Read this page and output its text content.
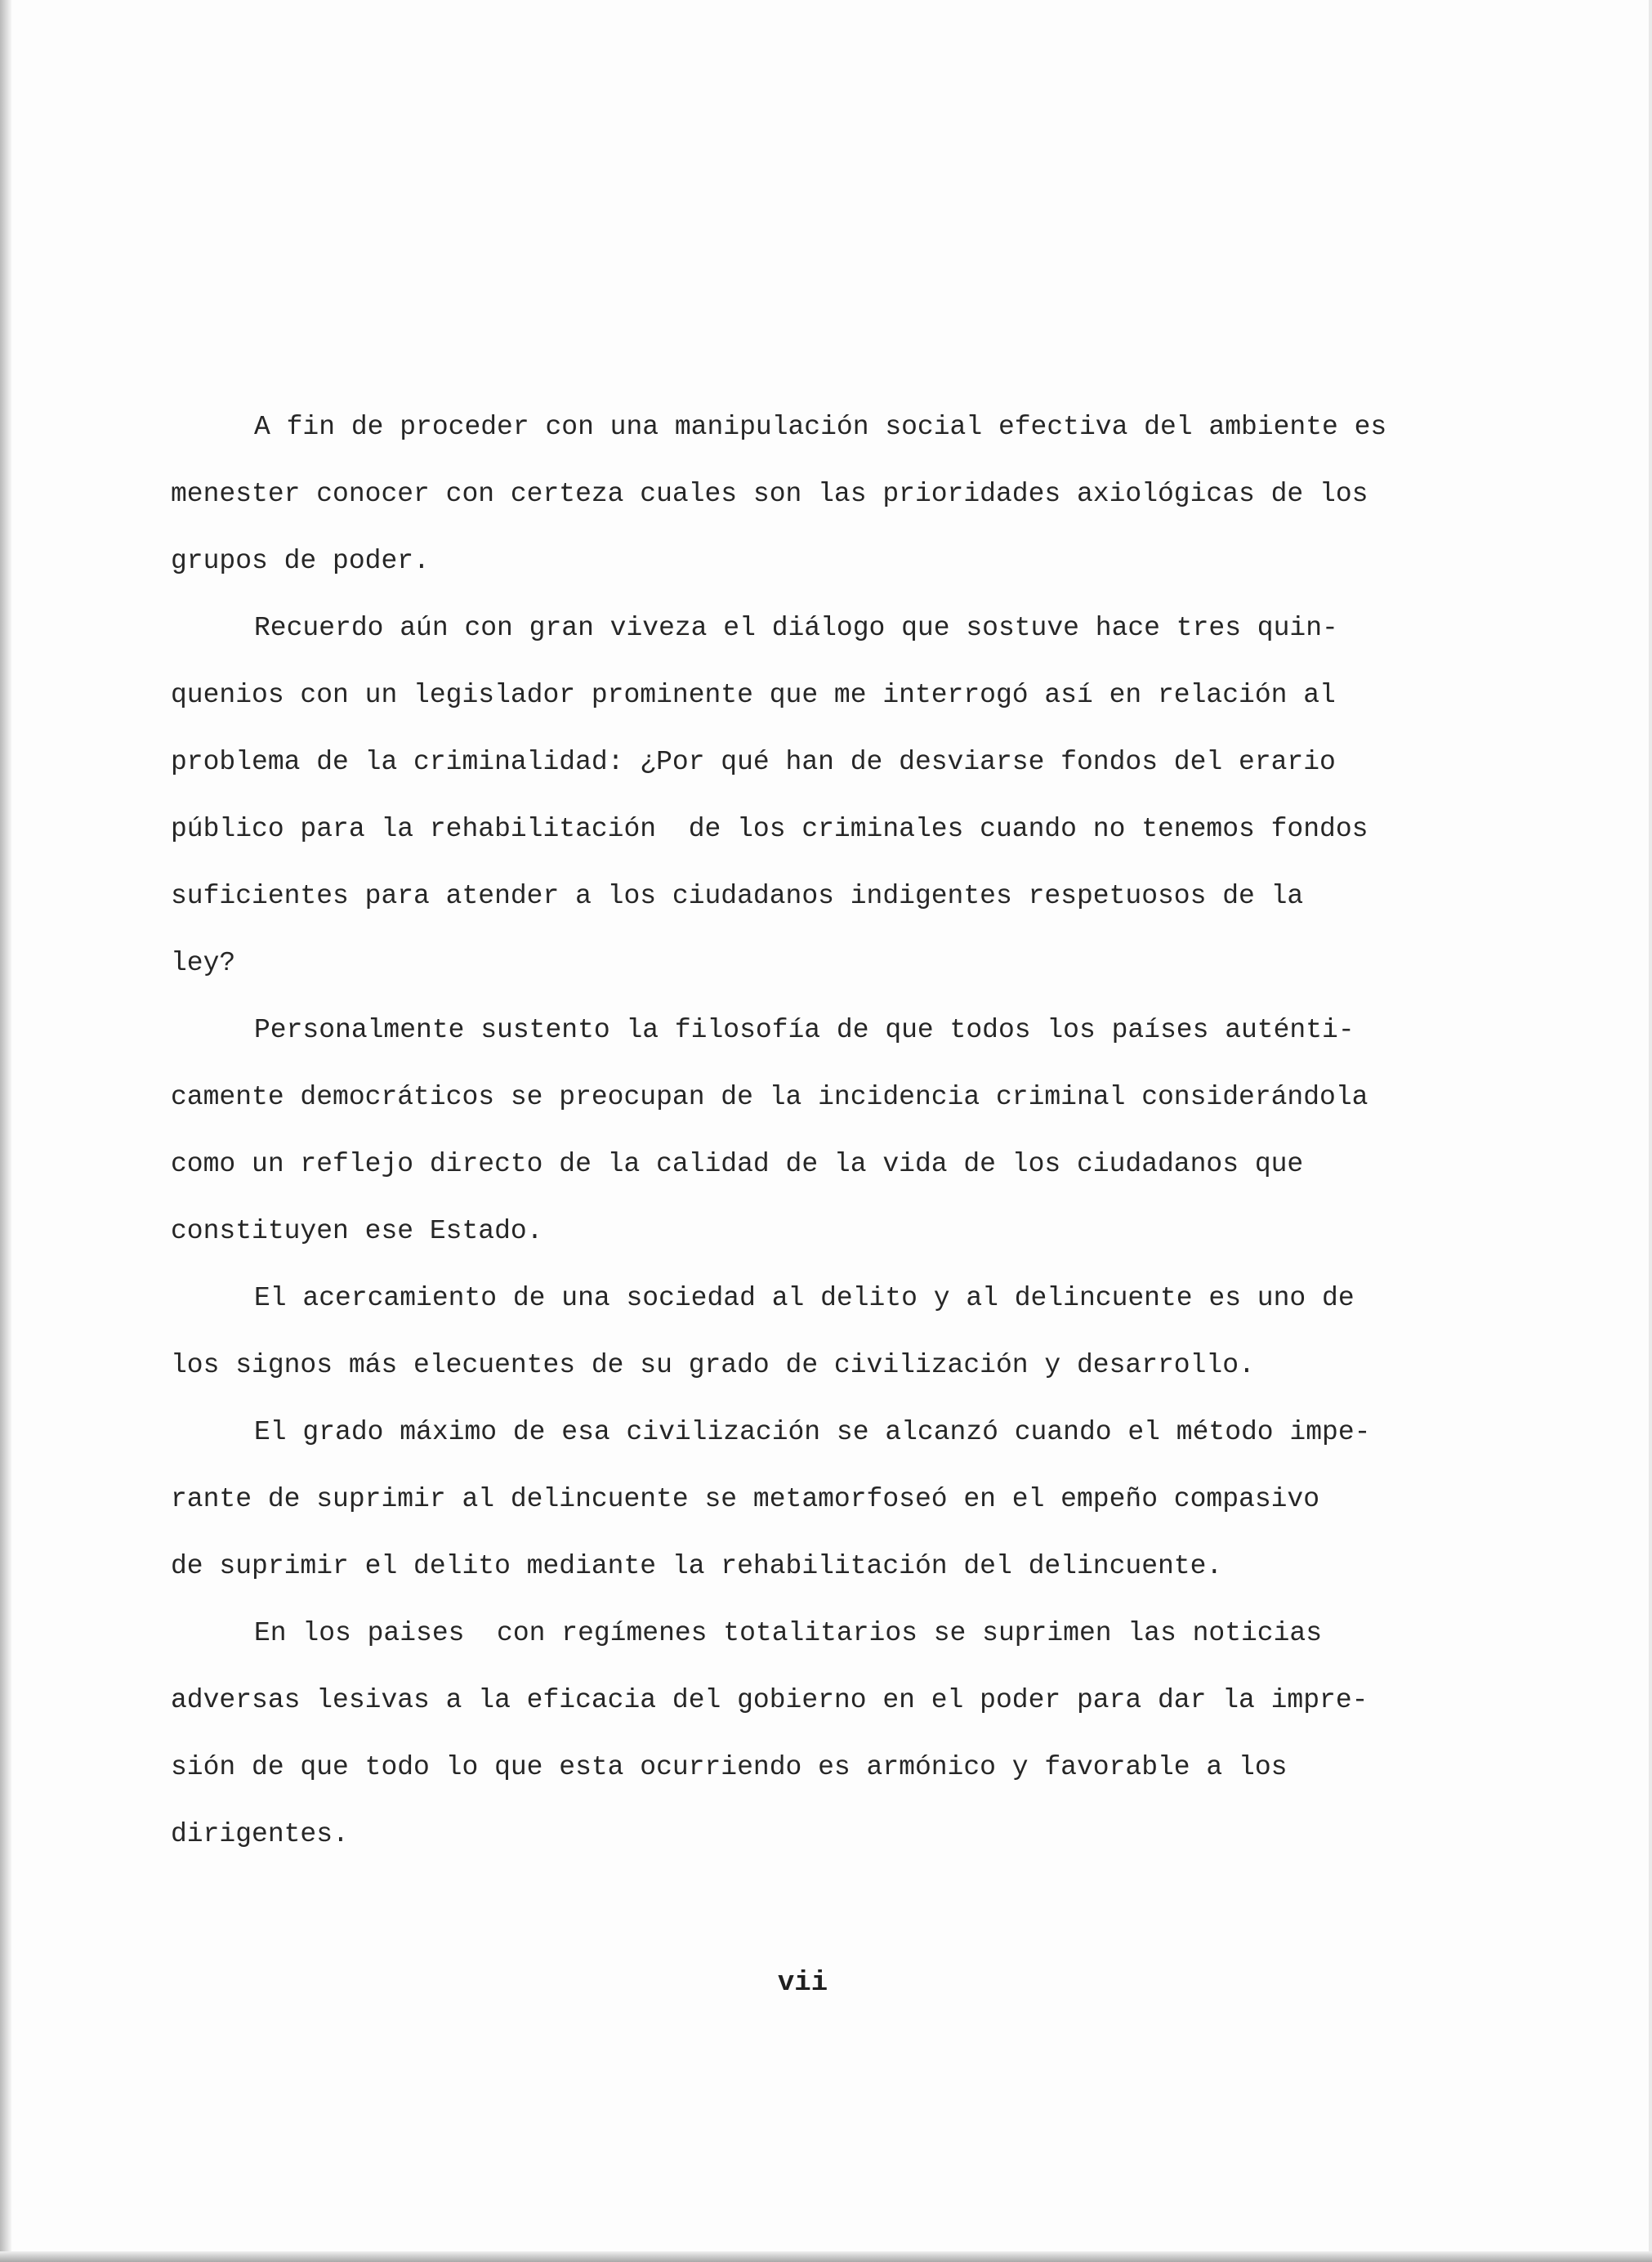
A fin de proceder con una manipulación social efectiva del ambiente es
menester conocer con certeza cuales son las prioridades axiológicas de los
grupos de poder.
Recuerdo aún con gran viveza el diálogo que sostuve hace tres quin-
quenios con un legislador prominente que me interrogó así en relación al
problema de la criminalidad: ¿Por qué han de desviarse fondos del erario
público para la rehabilitación  de los criminales cuando no tenemos fondos
suficientes para atender a los ciudadanos indigentes respetuosos de la
ley?
Personalmente sustento la filosofía de que todos los países auténti-
camente democráticos se preocupan de la incidencia criminal considerándola
como un reflejo directo de la calidad de la vida de los ciudadanos que
constituyen ese Estado.
El acercamiento de una sociedad al delito y al delincuente es uno de
los signos más elecuentes de su grado de civilización y desarrollo.
El grado máximo de esa civilización se alcanzó cuando el método impe-
rante de suprimir al delincuente se metamorfoseó en el empeño compasivo
de suprimir el delito mediante la rehabilitación del delincuente.
En los paises  con regímenes totalitarios se suprimen las noticias
adversas lesivas a la eficacia del gobierno en el poder para dar la impre-
sión de que todo lo que esta ocurriendo es armónico y favorable a los
dirigentes.
vii
